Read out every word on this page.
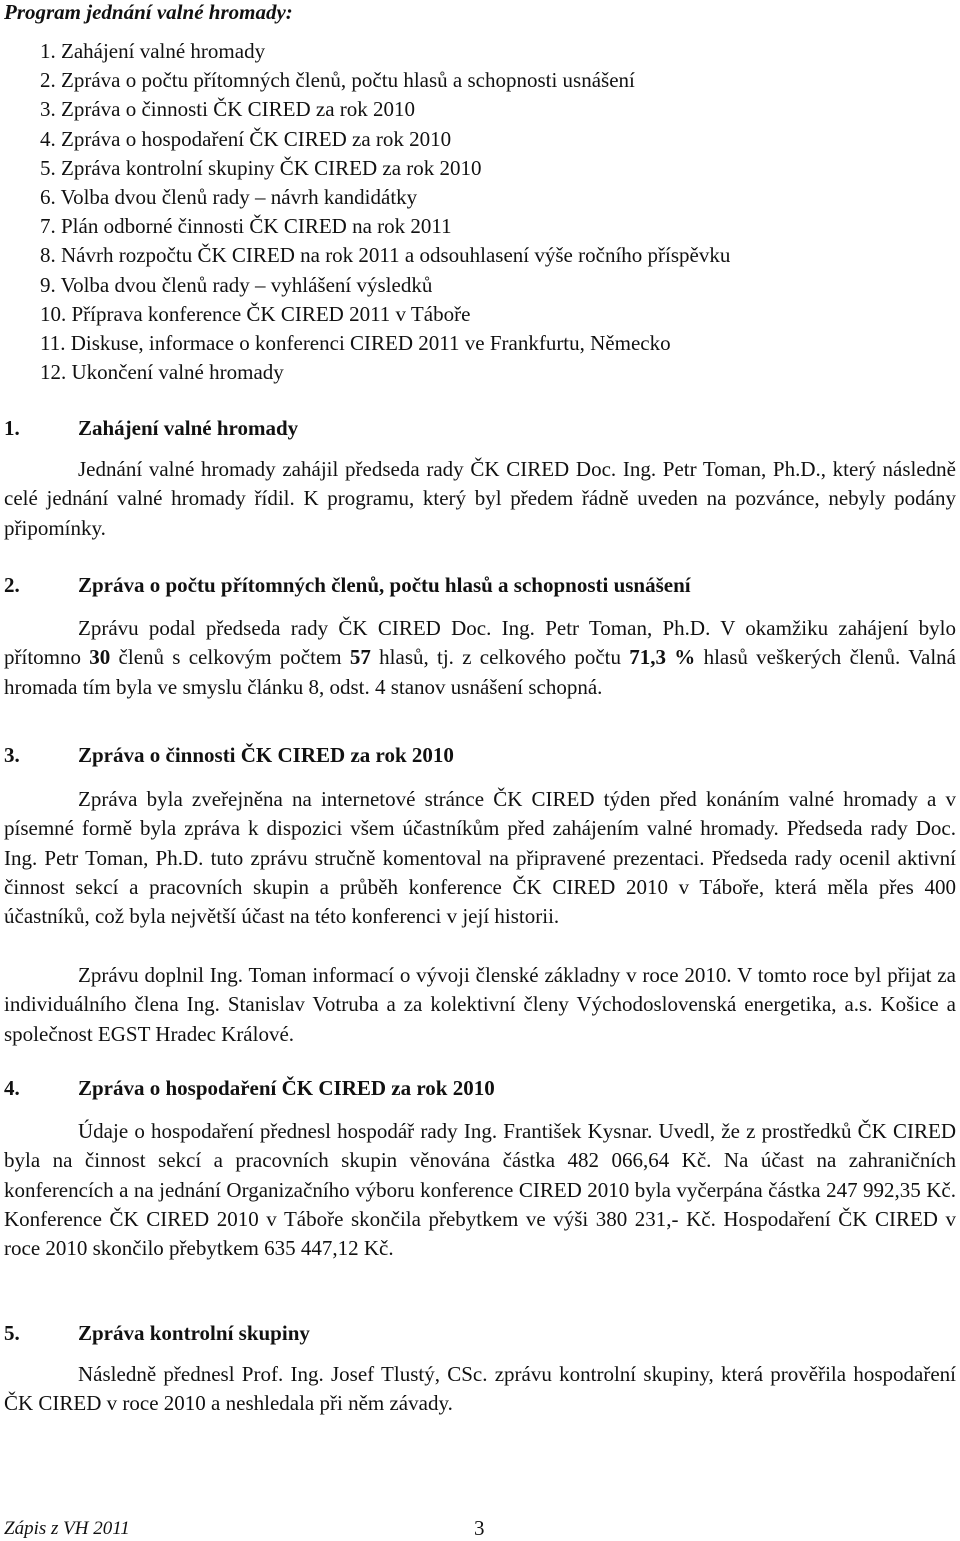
Program jednání valné hromady:
1. Zahájení valné hromady
2. Zpráva o počtu přítomných členů, počtu hlasů a schopnosti usnášení
3. Zpráva o činnosti ČK CIRED za rok 2010
4. Zpráva o hospodaření ČK CIRED za rok 2010
5. Zpráva kontrolní skupiny ČK CIRED za rok 2010
6. Volba dvou členů rady – návrh kandidátky
7. Plán odborné činnosti ČK CIRED na rok 2011
8. Návrh rozpočtu ČK CIRED na rok 2011 a odsouhlasení výše ročního příspěvku
9. Volba dvou členů rady – vyhlášení výsledků
10. Příprava konference ČK CIRED 2011 v Táboře
11. Diskuse, informace o konferenci CIRED 2011 ve Frankfurtu, Německo
12. Ukončení valné hromady
1.	Zahájení valné hromady

Jednání valné hromady zahájil předseda rady ČK CIRED Doc. Ing. Petr Toman, Ph.D., který následně celé jednání valné hromady řídil. K programu, který byl předem řádně uveden na pozvánce, nebyly podány připomínky.

2.	Zpráva o počtu přítomných členů, počtu hlasů a schopnosti usnášení

Zprávu podal předseda rady ČK CIRED Doc. Ing. Petr Toman, Ph.D. V okamžiku zahájení bylo přítomno 30 členů s celkovým počtem 57 hlasů, tj. z celkového počtu 71,3 % hlasů veškerých členů. Valná hromada tím byla ve smyslu článku 8, odst. 4 stanov usnášení schopná.

3.	Zpráva o činnosti ČK CIRED za rok 2010

Zpráva byla zveřejněna na internetové stránce ČK CIRED týden před konáním valné hromady a v písemné formě byla zpráva k dispozici všem účastníkům před zahájením valné hromady. Předseda rady Doc. Ing. Petr Toman, Ph.D. tuto zprávu stručně komentoval na připravené prezentaci. Předseda rady ocenil aktivní činnost sekcí a pracovních skupin a průběh konference ČK CIRED 2010 v Táboře, která měla přes 400 účastníků, což byla největší účast na této konferenci v její historii.

Zprávu doplnil Ing. Toman informací o vývoji členské základny v roce 2010. V tomto roce byl přijat za individuálního člena Ing. Stanislav Votruba a za kolektivní členy Východoslovenská energetika, a.s. Košice a společnost EGST Hradec Králové.

4.	Zpráva o hospodaření ČK CIRED za rok 2010

Údaje o hospodaření přednesl hospodář rady Ing. František Kysnar. Uvedl, že z prostředků ČK CIRED byla na činnost sekcí a pracovních skupin věnována částka 482 066,64 Kč. Na účast na zahraničních konferencích a na jednání Organizačního výboru konference CIRED 2010 byla vyčerpána částka 247 992,35 Kč. Konference ČK CIRED 2010 v Táboře skončila přebytkem ve výši 380 231,- Kč. Hospodaření ČK CIRED v roce 2010 skončilo přebytkem 635 447,12 Kč.

5.	Zpráva kontrolní skupiny

Následně přednesl Prof. Ing. Josef Tlustý, CSc. zprávu kontrolní skupiny, která prověřila hospodaření ČK CIRED v roce 2010 a neshledala při něm závady.

Zápis z VH 2011	3
